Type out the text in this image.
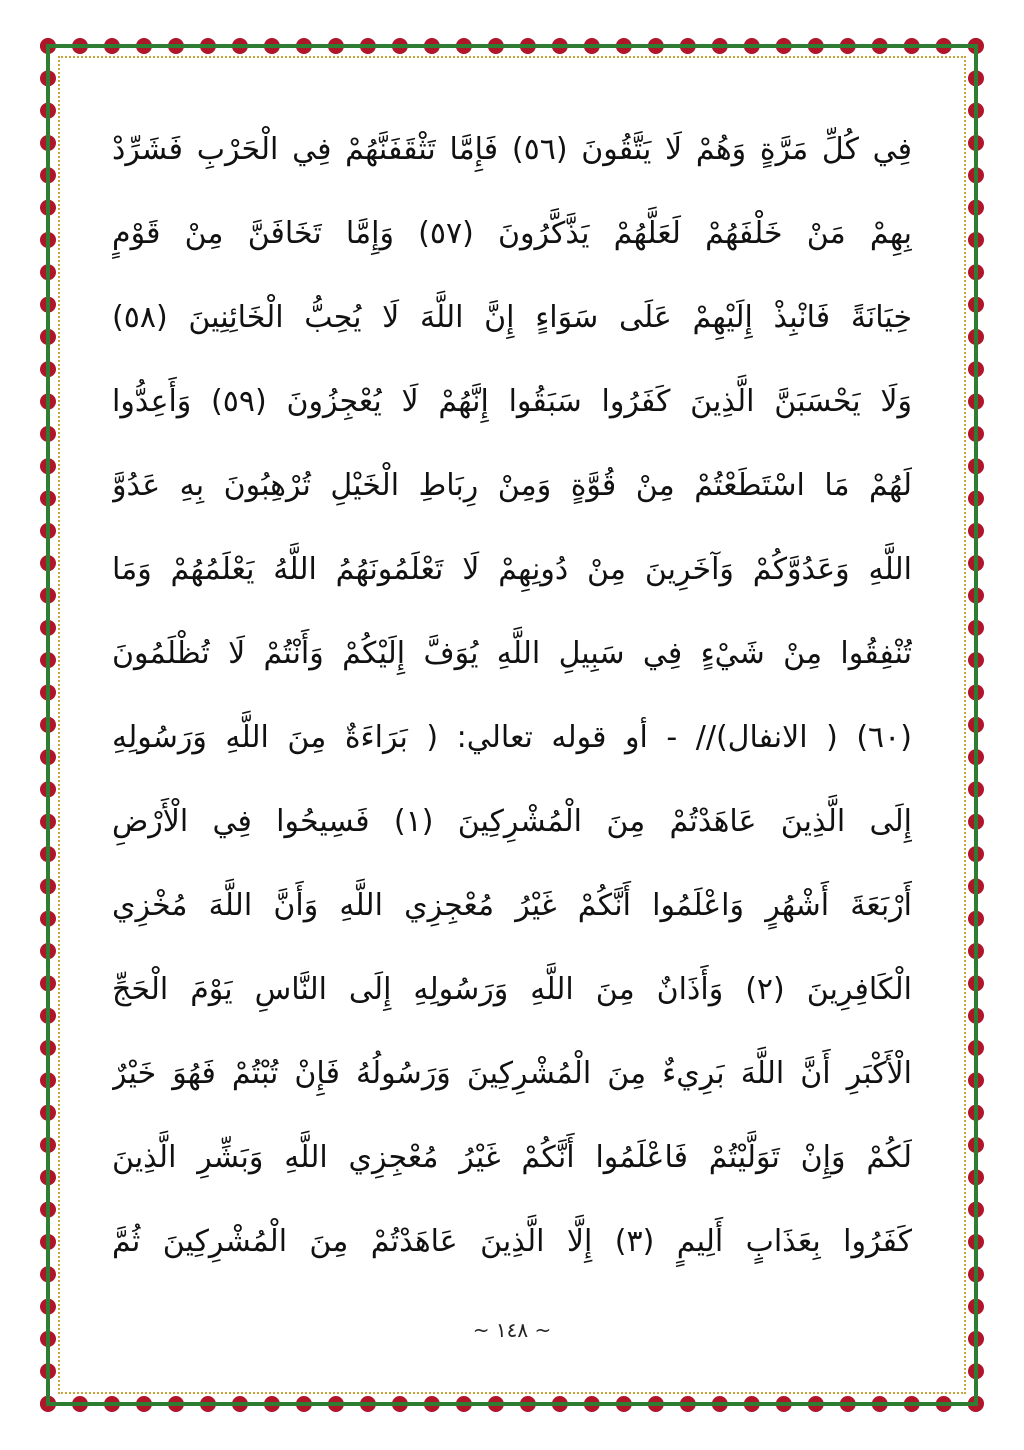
فِي كُلِّ مَرَّةٍ وَهُمْ لَا يَتَّقُونَ (٥٦) فَإِمَّا تَثْقَفَنَّهُمْ فِي الْحَرْبِ فَشَرِّدْ
بِهِمْ مَنْ خَلْفَهُمْ لَعَلَّهُمْ يَذَّكَّرُونَ (٥٧) وَإِمَّا تَخَافَنَّ مِنْ قَوْمٍ
خِيَانَةً فَانْبِذْ إِلَيْهِمْ عَلَى سَوَاءٍ إِنَّ اللَّهَ لَا يُحِبُّ الْخَائِنِينَ (٥٨)
وَلَا يَحْسَبَنَّ الَّذِينَ كَفَرُوا سَبَقُوا إِنَّهُمْ لَا يُعْجِزُونَ (٥٩) وَأَعِدُّوا
لَهُمْ مَا اسْتَطَعْتُمْ مِنْ قُوَّةٍ وَمِنْ رِبَاطِ الْخَيْلِ تُرْهِبُونَ بِهِ عَدُوَّ
اللَّهِ وَعَدُوَّكُمْ وَآخَرِينَ مِنْ دُونِهِمْ لَا تَعْلَمُونَهُمُ اللَّهُ يَعْلَمُهُمْ وَمَا
تُنْفِقُوا مِنْ شَيْءٍ فِي سَبِيلِ اللَّهِ يُوَفَّ إِلَيْكُمْ وَأَنْتُمْ لَا تُظْلَمُونَ
(٦٠) ( الانفال)// - أو قوله تعالي: ( بَرَاءَةٌ مِنَ اللَّهِ وَرَسُولِهِ
إِلَى الَّذِينَ عَاهَدْتُمْ مِنَ الْمُشْرِكِينَ (١) فَسِيحُوا فِي الْأَرْضِ
أَرْبَعَةَ أَشْهُرٍ وَاعْلَمُوا أَنَّكُمْ غَيْرُ مُعْجِزِي اللَّهِ وَأَنَّ اللَّهَ مُخْزِي
الْكَافِرِينَ (٢) وَأَذَانٌ مِنَ اللَّهِ وَرَسُولِهِ إِلَى النَّاسِ يَوْمَ الْحَجِّ
الْأَكْبَرِ أَنَّ اللَّهَ بَرِيءٌ مِنَ الْمُشْرِكِينَ وَرَسُولُهُ فَإِنْ تُبْتُمْ فَهُوَ خَيْرٌ
لَكُمْ وَإِنْ تَوَلَّيْتُمْ فَاعْلَمُوا أَنَّكُمْ غَيْرُ مُعْجِزِي اللَّهِ وَبَشِّرِ الَّذِينَ
كَفَرُوا بِعَذَابٍ أَلِيمٍ (٣) إِلَّا الَّذِينَ عَاهَدْتُمْ مِنَ الْمُشْرِكِينَ ثُمَّ
~ ١٤٨ ~
